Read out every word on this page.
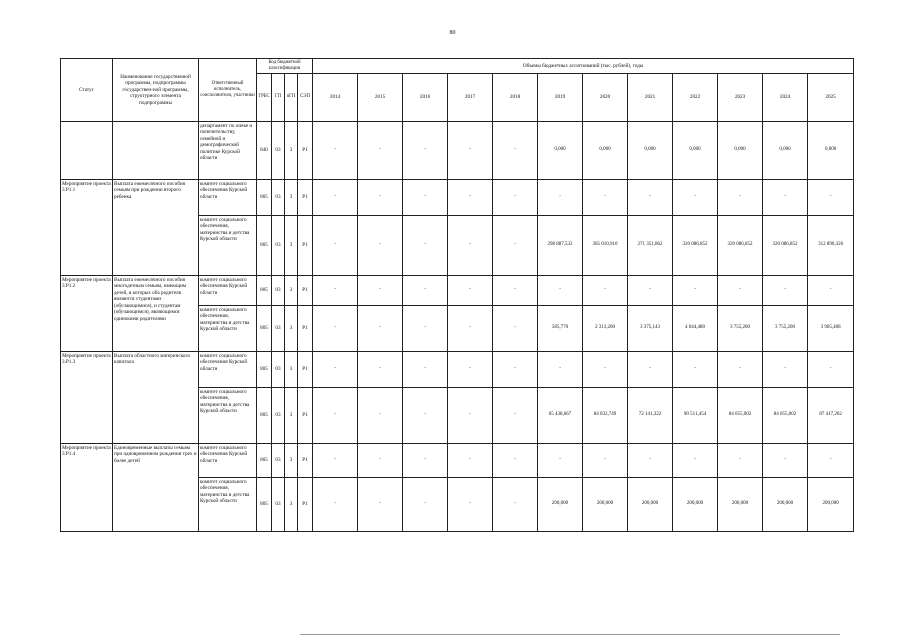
80
Статус	Наименование государственной программы, подпрограммы государствен-ной программы, структурного элемента подпрограммы	Ответственный исполнитель, соисполнители, участники	Код бюджетной классификации				Объемы бюджетных ассигнований (тыс. рублей), годы											
			ГРБС	ГП	пГП	СЭП	2014	2015	2016	2017	2018	2019	2020	2021	2022	2023	2024	2025
		департамент по опеке и попечительству, семейной и демографической политике Курской области	840	03	3	P1	-	-	-	-	-	0,000	0,000	0,000	0,000	0,000	0,000	0,000
Мероприятие проекта 3.Р1.1	Выплата ежемесячного пособия семьям при рождении второго ребенка	комитет социального обеспечения Курской области	805	03	3	P1	-	-	-	-	-	-	-	-	-	-	-	-
		комитет социального обеспечения, материнства и детства Курской области	805	03	3	P1	-	-	-	-	-	298 887,532	305 010,910	271 351,862	320 086,852	320 086,852	320 086,852	312 890,326
Мероприятие проекта 3.Р1.2	Выплата ежемесячного пособия многодетным семьям, имеющим детей, в которых оба родителя являются студентами (обучающимися), и студентам (обучающимся), являющимся одинокими родителями	комитет социального обеспечения Курской области	805	03	3	P1	-	-	-	-	-	-	-	-	-	-	-	-
		комитет социального обеспечения, материнства и детства Курской области	805	03	3	P1	-	-	-	-	-	585,770	2 313,200	3 375,143	4 044,480	3 755,200	3 755,200	3 905,408
Мероприятие проекта 3.Р1.3	Выплата областного материнского капитала	комитет социального обеспечения Курской области	805	03	3	P1	-	-	-	-	-	-	-	-	-	-	-	-
		комитет социального обеспечения, материнства и детства Курской области	805	03	3	P1	-	-	-	-	-	65 438,667	84 032,749	72 141,322	90 511,454	84 055,002	84 055,002	87 417,202
Мероприятие проекта 3.Р1.4	Единовременные выплаты семьям при одновременном рождении трех и более детей	комитет социального обеспечения Курской области	805	03	3	P1	-	-	-	-	-	-	-	-	-	-	-	-
		комитет социального обеспечения, материнства и детства Курской области	805	03	3	P1	-	-	-	-	-	200,000	200,000	200,000	200,000	200,000	200,000	200,000
